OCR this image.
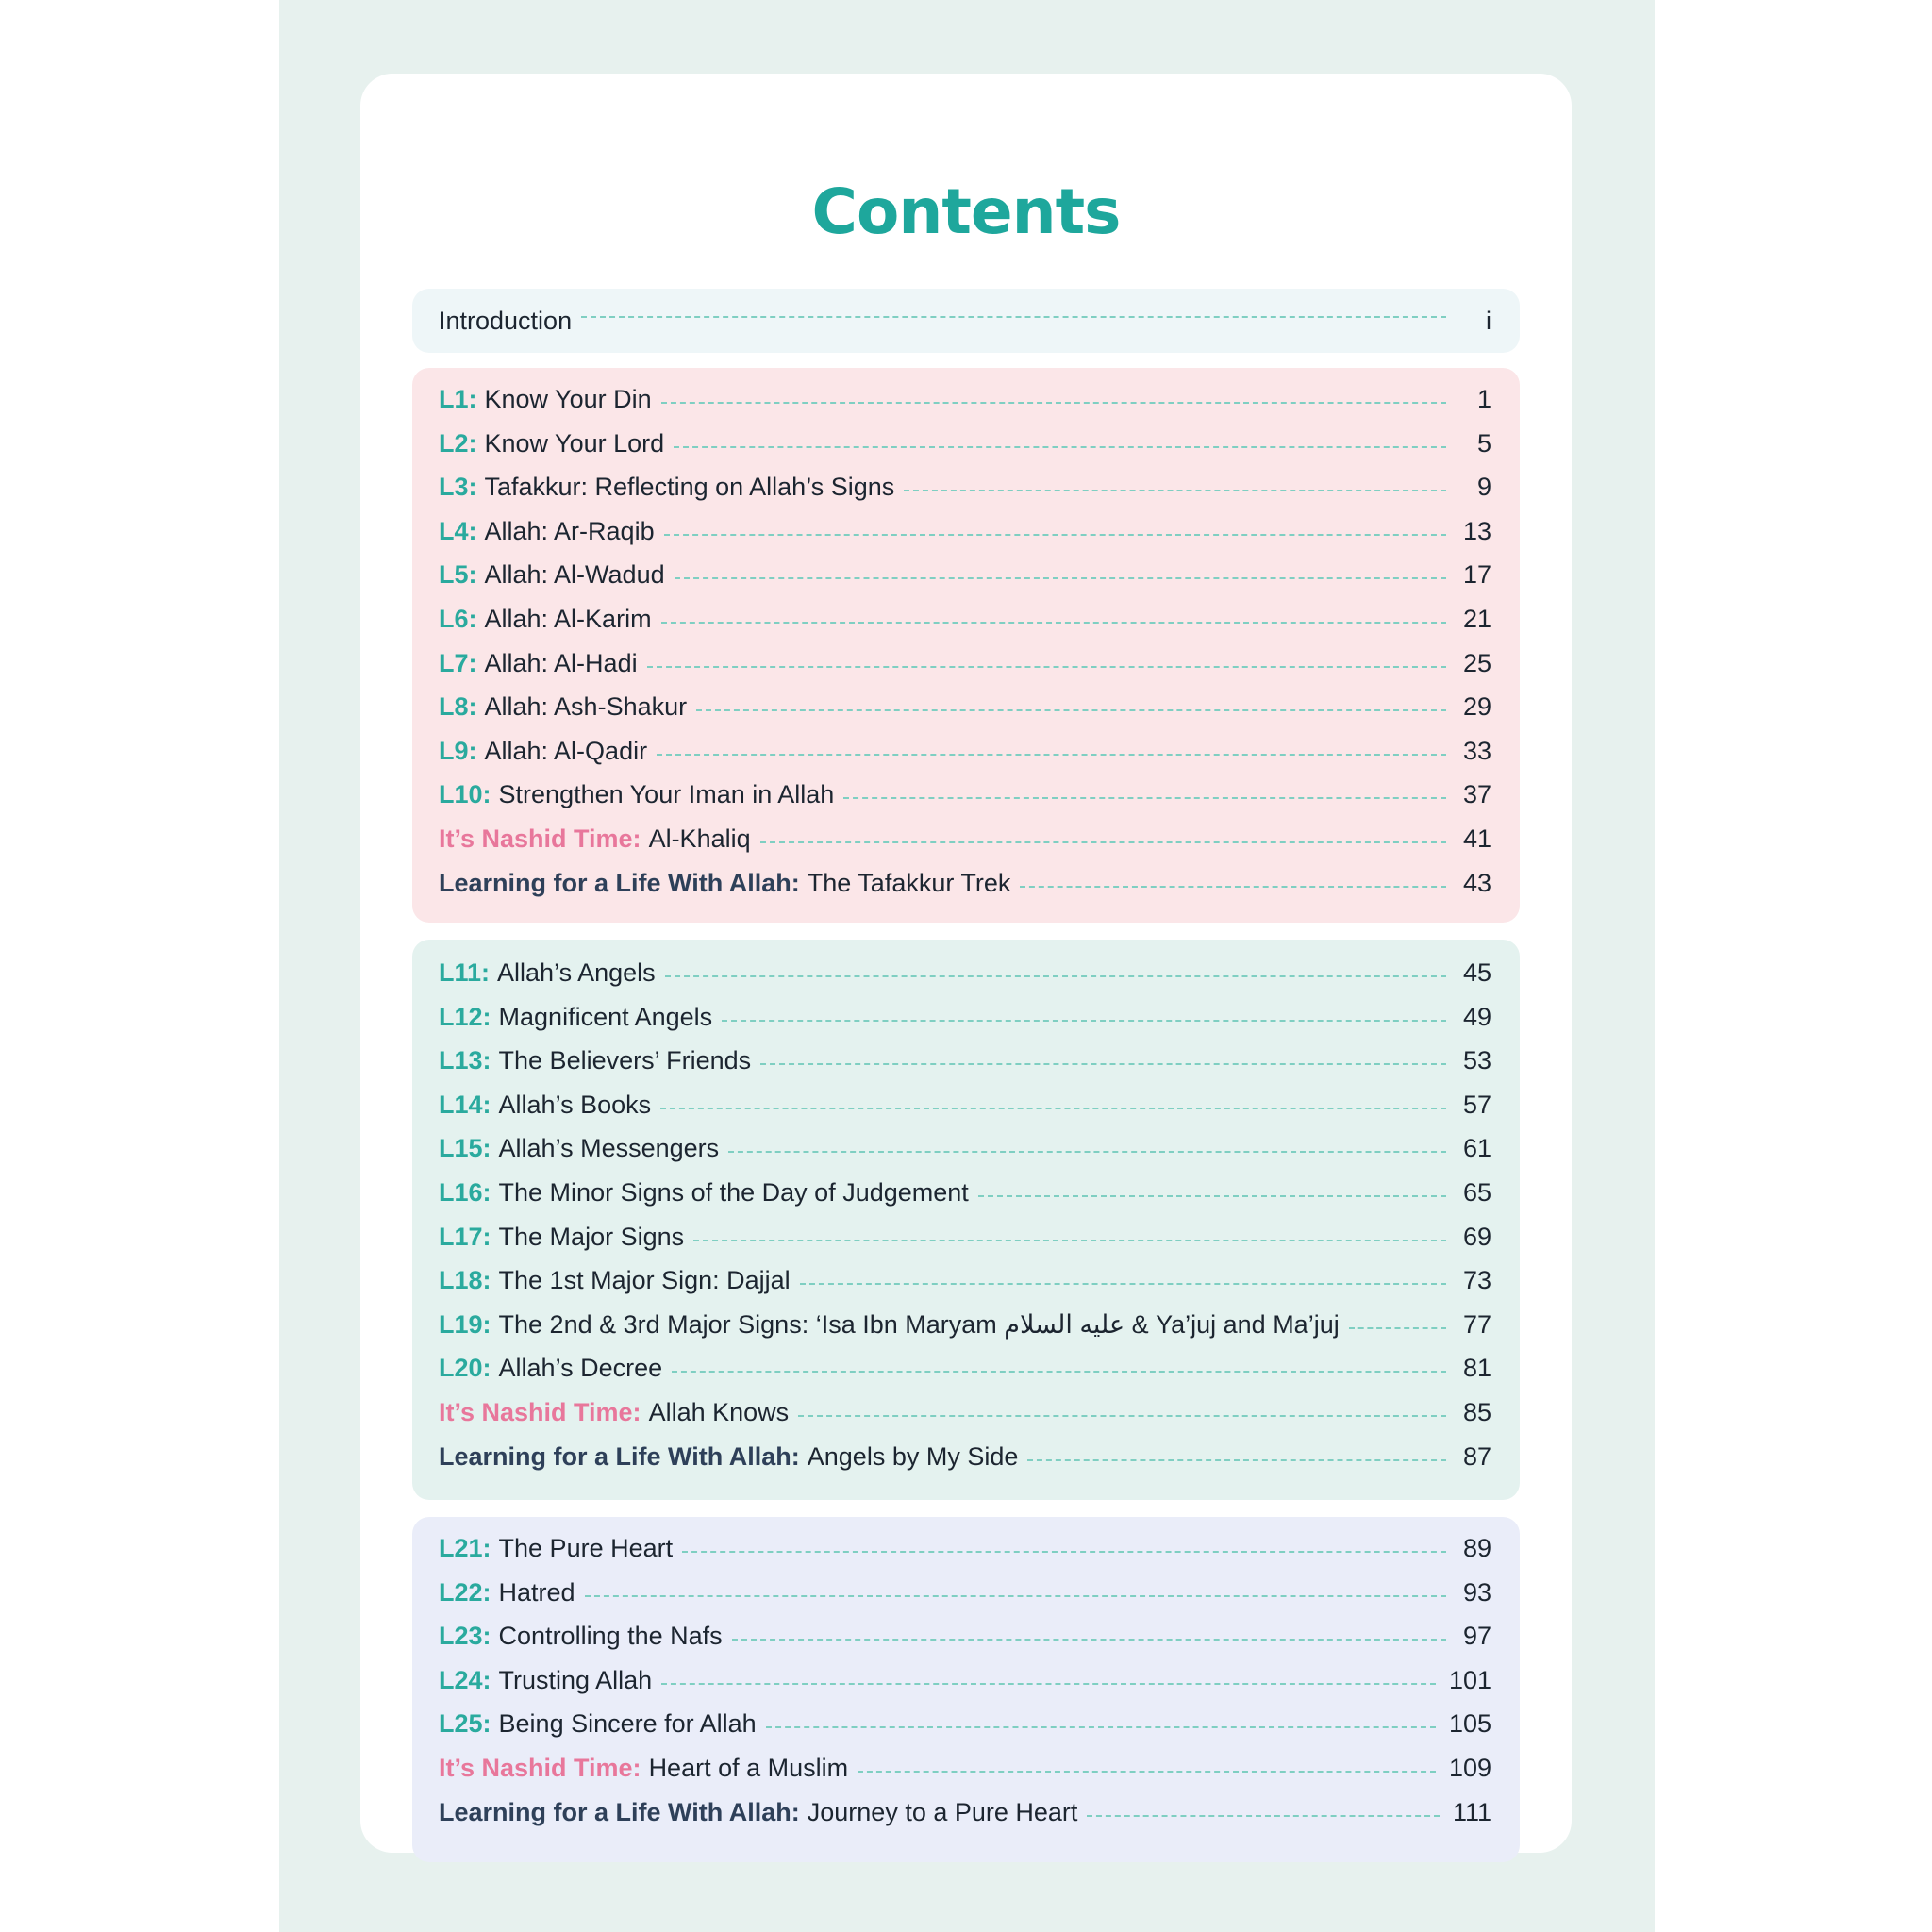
Contents
Introduction	i
L1: Know Your Din	1
L2: Know Your Lord	5
L3: Tafakkur: Reflecting on Allah’s Signs	9
L4: Allah: Ar-Raqib	13
L5: Allah: Al-Wadud	17
L6: Allah: Al-Karim	21
L7: Allah: Al-Hadi	25
L8: Allah: Ash-Shakur	29
L9: Allah: Al-Qadir	33
L10: Strengthen Your Iman in Allah	37
It’s Nashid Time: Al-Khaliq	41
Learning for a Life With Allah: The Tafakkur Trek	43
L11: Allah’s Angels	45
L12: Magnificent Angels	49
L13: The Believers’ Friends	53
L14: Allah’s Books	57
L15: Allah’s Messengers	61
L16: The Minor Signs of the Day of Judgement	65
L17: The Major Signs	69
L18: The 1st Major Sign: Dajjal	73
L19: The 2nd & 3rd Major Signs: ‘Isa Ibn Maryam عليه السلام & Ya’juj and Ma’juj	77
L20: Allah’s Decree	81
It’s Nashid Time: Allah Knows	85
Learning for a Life With Allah: Angels by My Side	87
L21: The Pure Heart	89
L22: Hatred	93
L23: Controlling the Nafs	97
L24: Trusting Allah	101
L25: Being Sincere for Allah	105
It’s Nashid Time: Heart of a Muslim	109
Learning for a Life With Allah: Journey to a Pure Heart	111
